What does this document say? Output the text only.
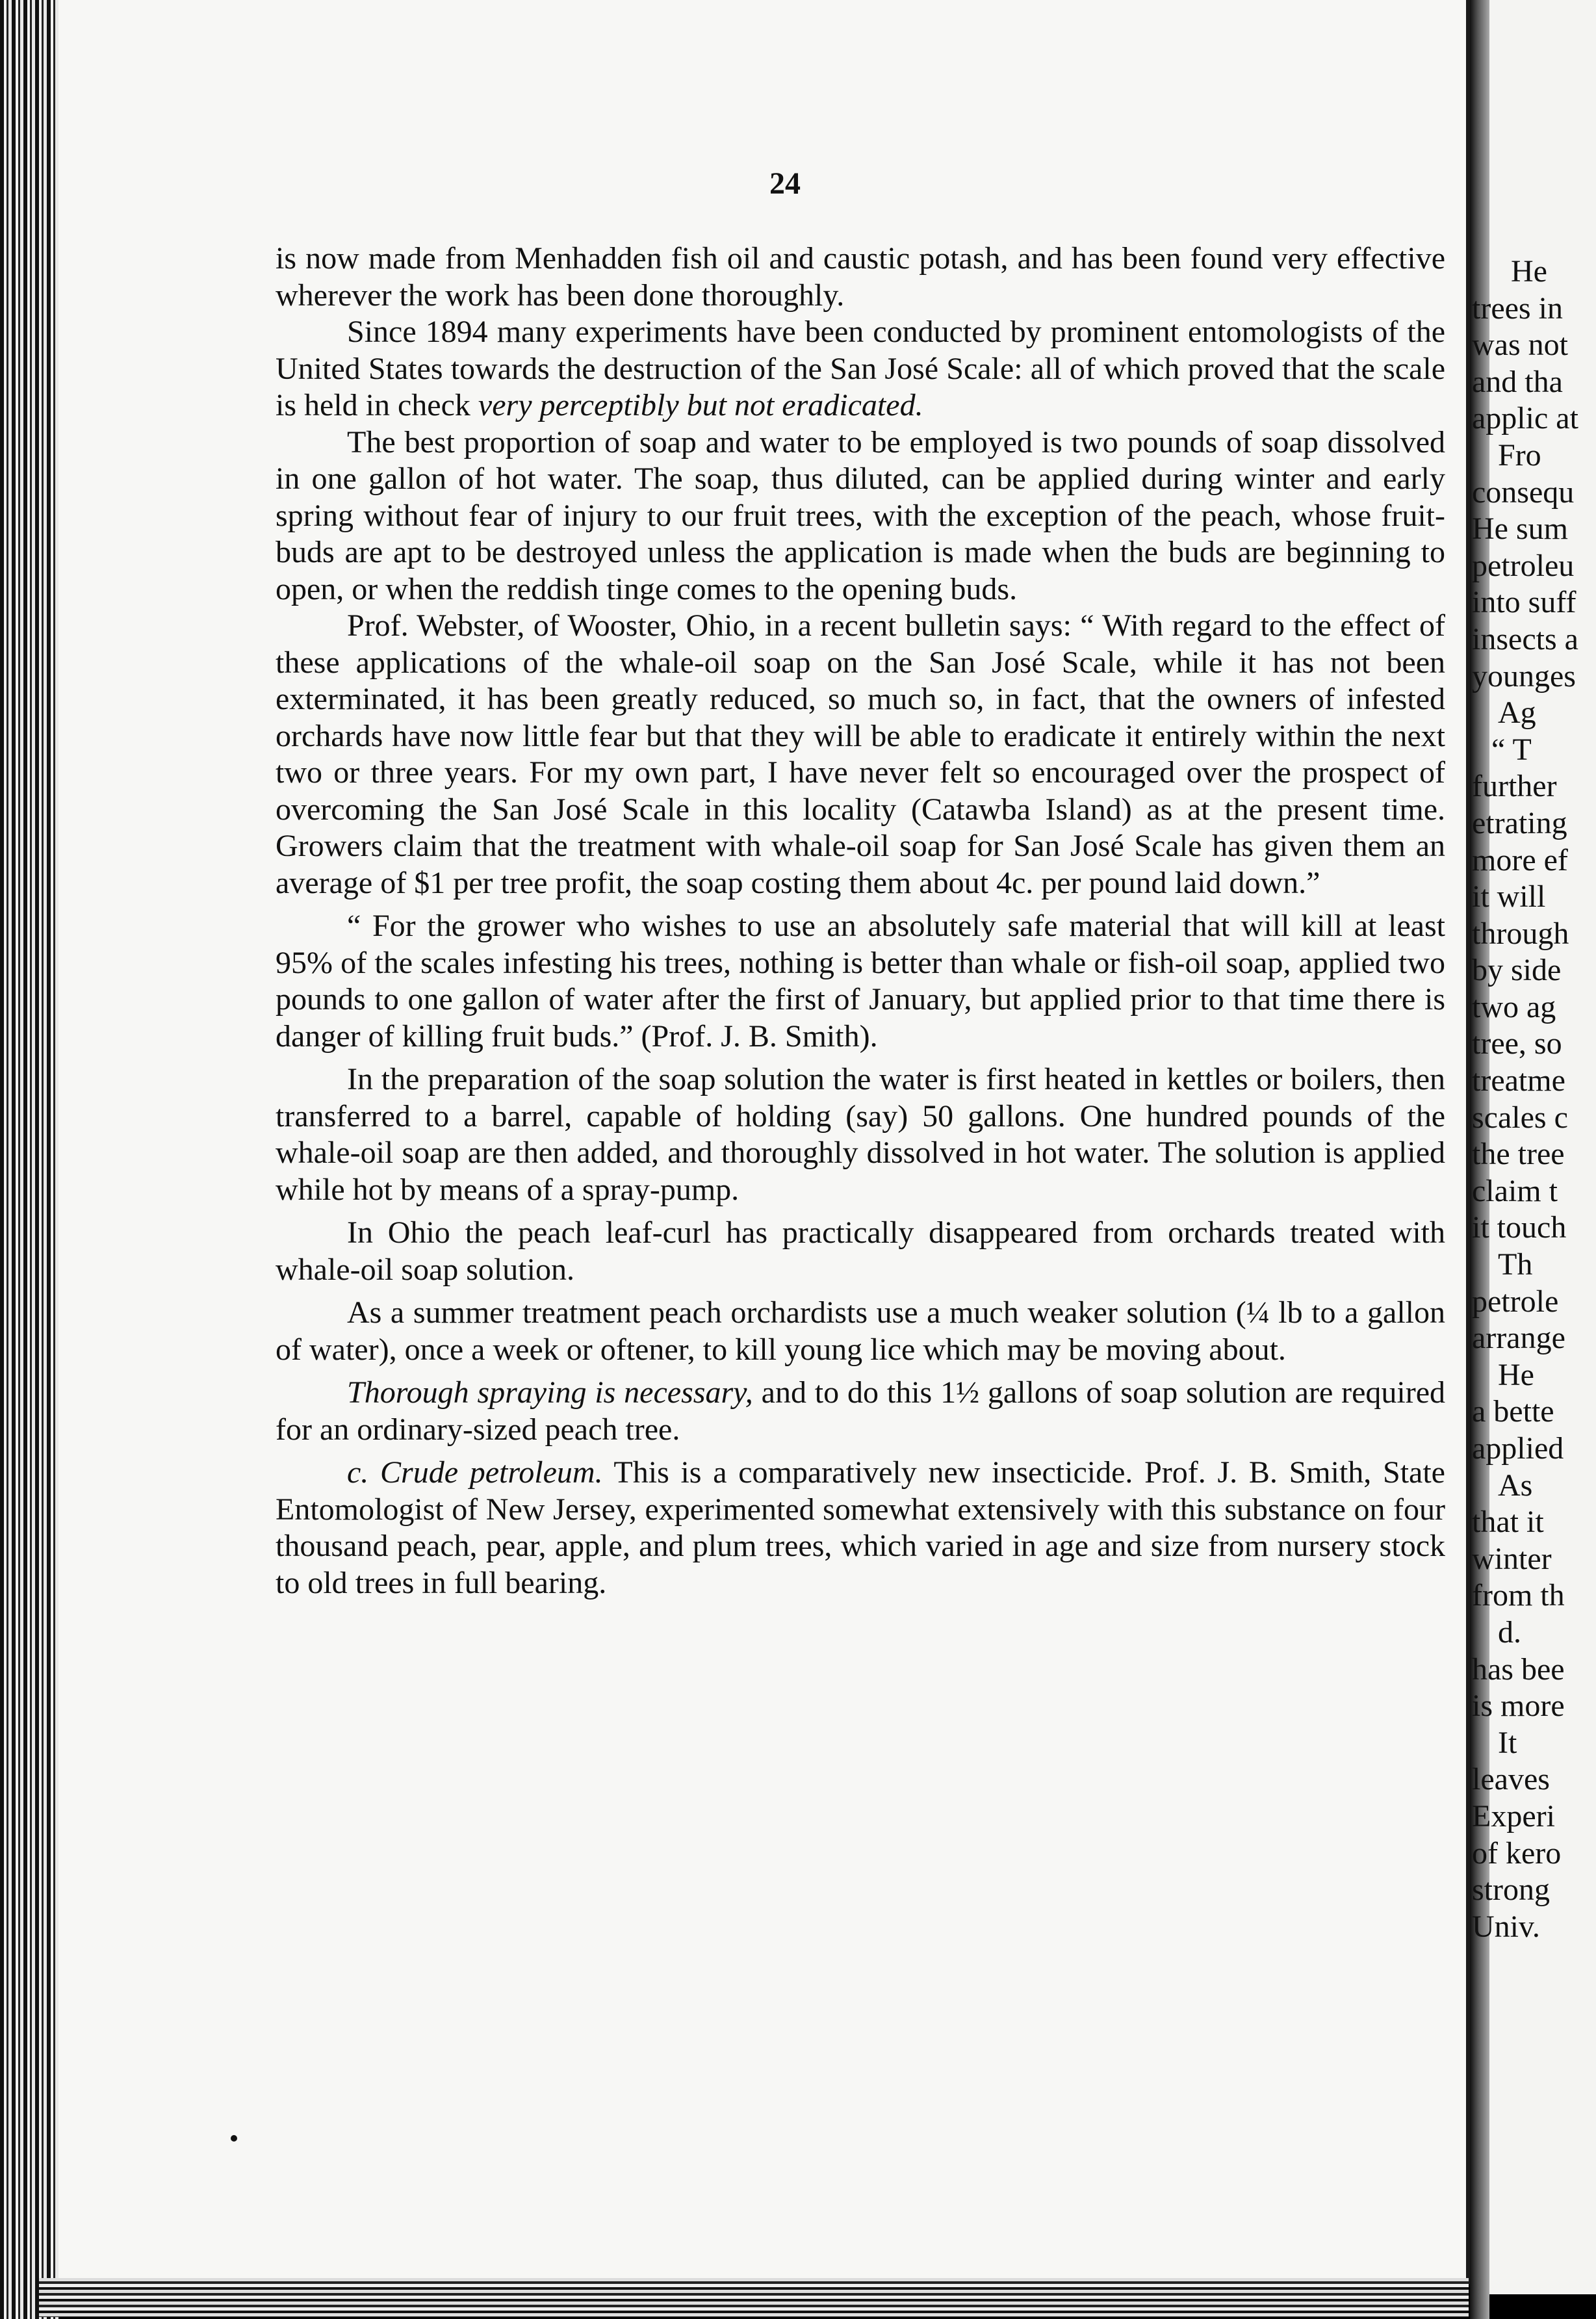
24

is now made from Menhadden fish oil and caustic potash, and has been found very effective wherever the work has been done thoroughly.

Since 1894 many experiments have been conducted by prominent entomologists of the United States towards the destruction of the San José Scale: all of which proved that the scale is held in check very perceptibly but not eradicated.

The best proportion of soap and water to be employed is two pounds of soap dissolved in one gallon of hot water. The soap, thus diluted, can be applied during winter and early spring without fear of injury to our fruit trees, with the exception of the peach, whose fruit-buds are apt to be destroyed unless the application is made when the buds are beginning to open, or when the reddish tinge comes to the opening buds.

Prof. Webster, of Wooster, Ohio, in a recent bulletin says: “ With regard to the effect of these applications of the whale-oil soap on the San José Scale, while it has not been exterminated, it has been greatly reduced, so much so, in fact, that the owners of infested orchards have now little fear but that they will be able to eradicate it entirely within the next two or three years. For my own part, I have never felt so encouraged over the prospect of overcoming the San José Scale in this locality (Catawba Island) as at the present time. Growers claim that the treatment with whale-oil soap for San José Scale has given them an average of $1 per tree profit, the soap costing them about 4c. per pound laid down.”

“ For the grower who wishes to use an absolutely safe material that will kill at least 95% of the scales infesting his trees, nothing is better than whale or fish-oil soap, applied two pounds to one gallon of water after the first of January, but applied prior to that time there is danger of killing fruit buds.” (Prof. J. B. Smith).

In the preparation of the soap solution the water is first heated in kettles or boilers, then transferred to a barrel, capable of holding (say) 50 gallons. One hundred pounds of the whale-oil soap are then added, and thoroughly dissolved in hot water. The solution is applied while hot by means of a spray-pump.

In Ohio the peach leaf-curl has practically disappeared from orchards treated with whale-oil soap solution.

As a summer treatment peach orchardists use a much weaker solution (¼ lb to a gallon of water), once a week or oftener, to kill young lice which may be moving about.

Thorough spraying is necessary, and to do this 1½ gallons of soap solution are required for an ordinary-sized peach tree.

c. Crude petroleum. This is a comparatively new insecticide. Prof. J. B. Smith, State Entomologist of New Jersey, experimented somewhat extensively with this substance on four thousand peach, pear, apple, and plum trees, which varied in age and size from nursery stock to old trees in full bearing.

He
trees in
was not
and tha
applic at
Fro
consequ
He sum
petroleu
into suff
insects a
younges
Ag
“ T
further
etrating
more ef
it will
through
by side
two ag
tree, so
treatme
scales c
the tree
claim t
it touch
Th
petrole
arrange
He
a bette
applied
As
that it
winter
from th
d.
has bee
is more
It
leaves
Experi
of kero
strong
Univ.
